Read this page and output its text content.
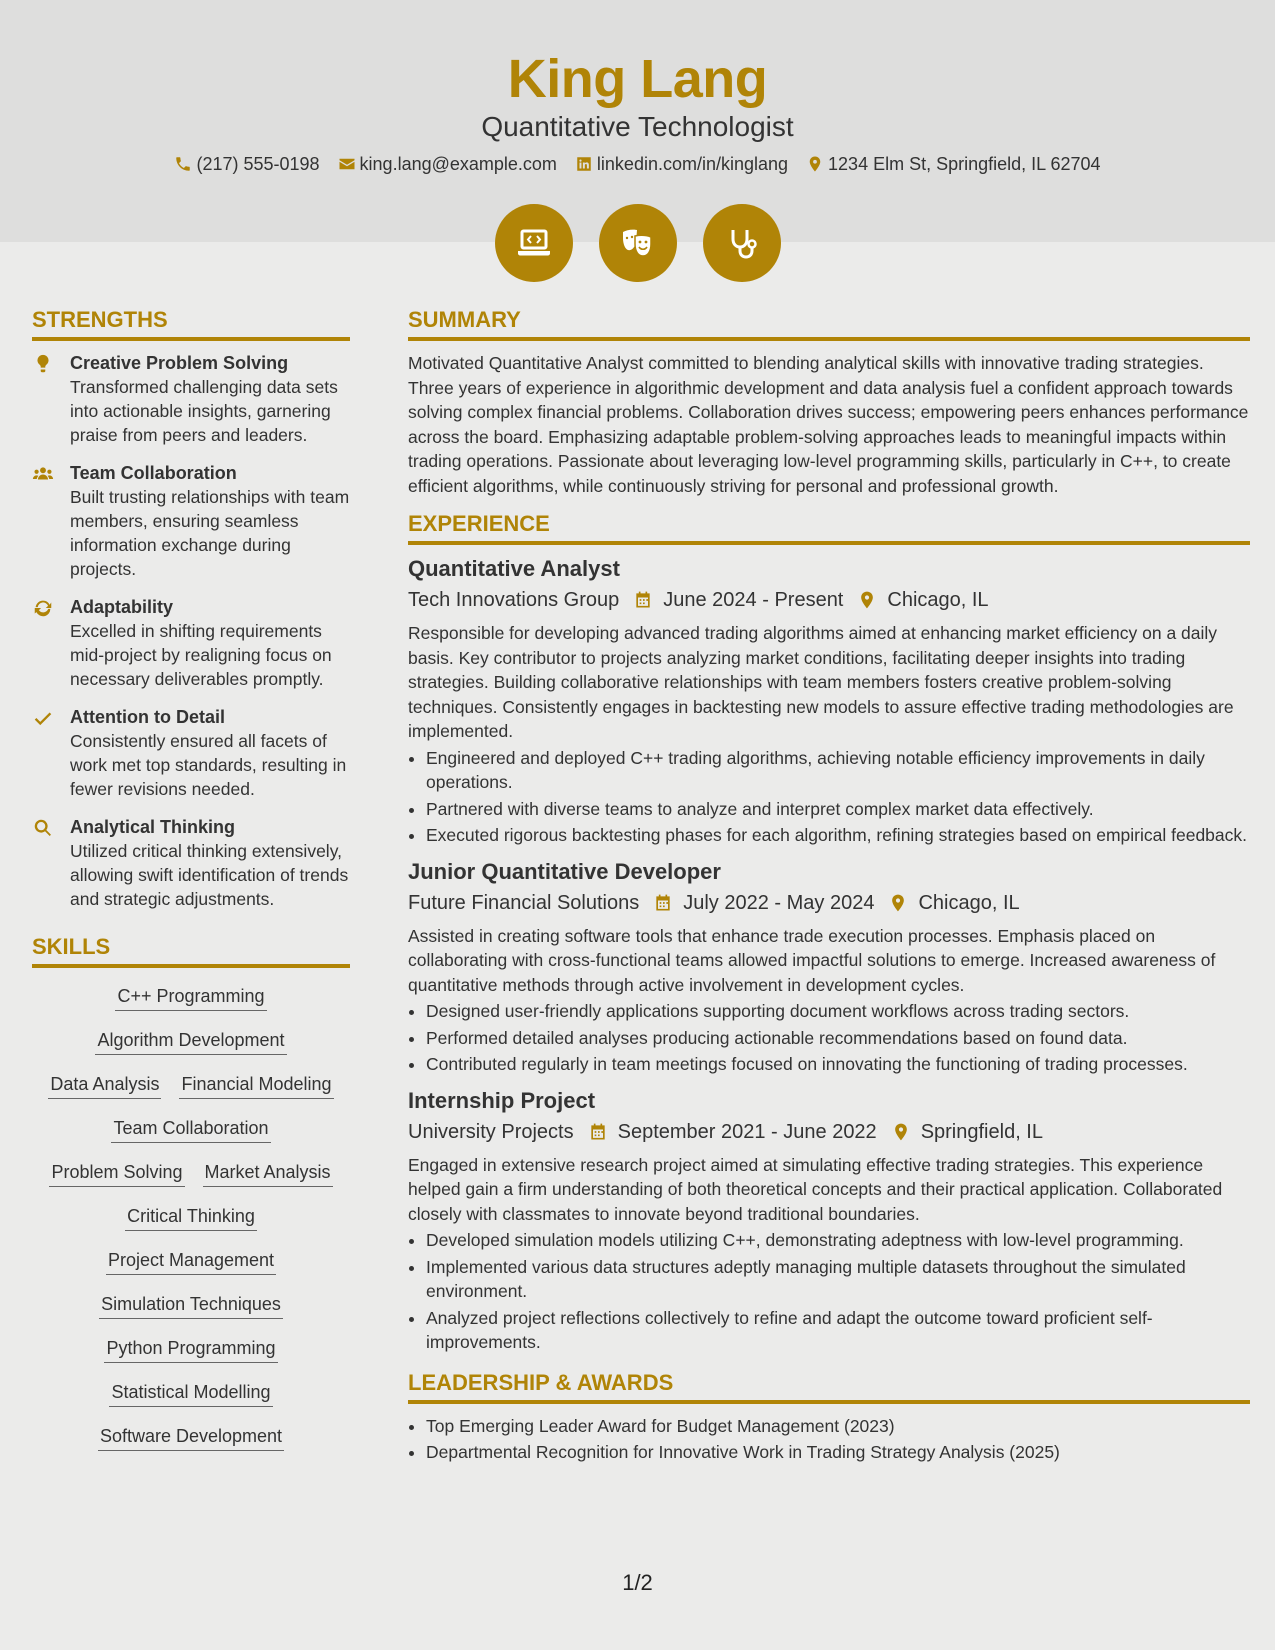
King Lang
Quantitative Technologist
(217) 555-0198 king.lang@example.com linkedin.com/in/kinglang 1234 Elm St, Springfield, IL 62704
STRENGTHS
Creative Problem Solving
Transformed challenging data sets into actionable insights, garnering praise from peers and leaders.
Team Collaboration
Built trusting relationships with team members, ensuring seamless information exchange during projects.
Adaptability
Excelled in shifting requirements mid-project by realigning focus on necessary deliverables promptly.
Attention to Detail
Consistently ensured all facets of work met top standards, resulting in fewer revisions needed.
Analytical Thinking
Utilized critical thinking extensively, allowing swift identification of trends and strategic adjustments.
SKILLS
C++ Programming
Algorithm Development
Data Analysis Financial Modeling
Team Collaboration
Problem Solving Market Analysis
Critical Thinking
Project Management
Simulation Techniques
Python Programming
Statistical Modelling
Software Development
SUMMARY

Motivated Quantitative Analyst committed to blending analytical skills with innovative trading strategies. Three years of experience in algorithmic development and data analysis fuel a confident approach towards solving complex financial problems. Collaboration drives success; empowering peers enhances performance across the board. Emphasizing adaptable problem-solving approaches leads to meaningful impacts within trading operations. Passionate about leveraging low-level programming skills, particularly in C++, to create efficient algorithms, while continuously striving for personal and professional growth.

EXPERIENCE
Quantitative Analyst
Tech Innovations Group June 2024 - Present Chicago, IL

Responsible for developing advanced trading algorithms aimed at enhancing market efficiency on a daily basis. Key contributor to projects analyzing market conditions, facilitating deeper insights into trading strategies. Building collaborative relationships with team members fosters creative problem-solving techniques. Consistently engages in backtesting new models to assure effective trading methodologies are implemented.

• Engineered and deployed C++ trading algorithms, achieving notable efficiency improvements in daily operations.
• Partnered with diverse teams to analyze and interpret complex market data effectively.
• Executed rigorous backtesting phases for each algorithm, refining strategies based on empirical feedback.
Junior Quantitative Developer
Future Financial Solutions July 2022 - May 2024 Chicago, IL

Assisted in creating software tools that enhance trade execution processes. Emphasis placed on collaborating with cross-functional teams allowed impactful solutions to emerge. Increased awareness of quantitative methods through active involvement in development cycles.

• Designed user-friendly applications supporting document workflows across trading sectors.
• Performed detailed analyses producing actionable recommendations based on found data.
• Contributed regularly in team meetings focused on innovating the functioning of trading processes.
Internship Project
University Projects September 2021 - June 2022 Springfield, IL

Engaged in extensive research project aimed at simulating effective trading strategies. This experience helped gain a firm understanding of both theoretical concepts and their practical application. Collaborated closely with classmates to innovate beyond traditional boundaries.

• Developed simulation models utilizing C++, demonstrating adeptness with low-level programming.
• Implemented various data structures adeptly managing multiple datasets throughout the simulated environment.
• Analyzed project reflections collectively to refine and adapt the outcome toward proficient self-improvements.
LEADERSHIP & AWARDS
• Top Emerging Leader Award for Budget Management (2023)
• Departmental Recognition for Innovative Work in Trading Strategy Analysis (2025)
1/2
